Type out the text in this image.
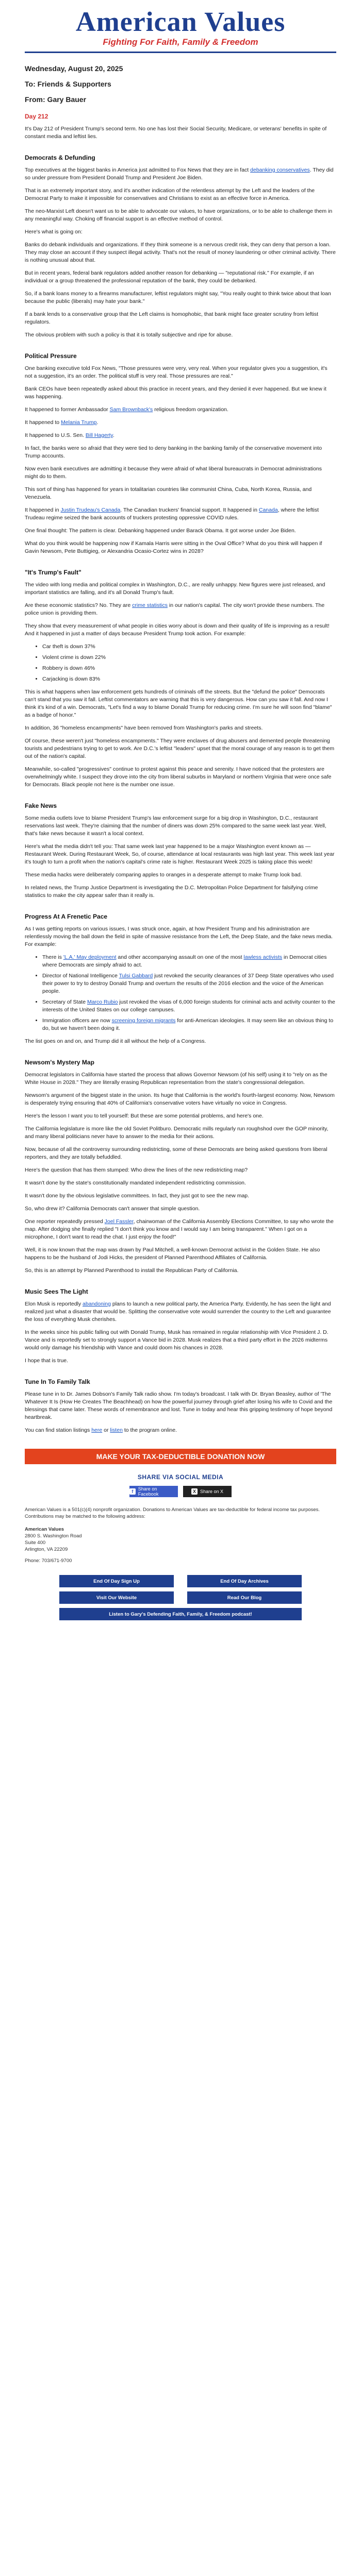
American Values
Fighting For Faith, Family & Freedom
Wednesday, August 20, 2025
To: Friends & Supporters
From: Gary Bauer
Day 212

It's Day 212 of President Trump's second term. No one has lost their Social Security, Medicare, or veterans' benefits in spite of constant media and leftist lies.

Democrats & Defunding

Top executives at the biggest banks in America just admitted to Fox News that they are in fact debanking conservatives. They did so under pressure from President Donald Trump and President Joe Biden.

That is an extremely important story, and it's another indication of the relentless attempt by the Left and the leaders of the Democrat Party to make it impossible for conservatives and Christians to exist as an effective force in America.

The neo-Marxist Left doesn't want us to be able to advocate our values, to have organizations, or to be able to challenge them in any meaningful way. Choking off financial support is an effective method of control.

Here's what is going on:

Banks do debank individuals and organizations. If they think someone is a nervous credit risk, they can deny that person a loan. They may close an account if they suspect illegal activity. That's not the result of money laundering or other criminal activity. There is nothing unusual about that.

But in recent years, federal bank regulators added another reason for debanking — "reputational risk." For example, if an individual or a group threatened the professional reputation of the bank, they could be debanked.

So, if a bank loans money to a firearms manufacturer, leftist regulators might say, "You really ought to think twice about that loan because the public (liberals) may hate your bank."

If a bank lends to a conservative group that the Left claims is homophobic, that bank might face greater scrutiny from leftist regulators.

The obvious problem with such a policy is that it is totally subjective and ripe for abuse.

Political Pressure

One banking executive told Fox News, "Those pressures were very, very real. When your regulator gives you a suggestion, it's not a suggestion, it's an order. The political stuff is very real. Those pressures are real."

Bank CEOs have been repeatedly asked about this practice in recent years, and they denied it ever happened. But we knew it was happening.

It happened to former Ambassador Sam Brownback's religious freedom organization.

It happened to Melania Trump.

It happened to U.S. Sen. Bill Hagerty.

In fact, the banks were so afraid that they were tied to deny banking in the banking family of the conservative movement into Trump accounts.

Now even bank executives are admitting it because they were afraid of what liberal bureaucrats in Democrat administrations might do to them.

This sort of thing has happened for years in totalitarian countries like communist China, Cuba, North Korea, Russia, and Venezuela.

It happened in Justin Trudeau's Canada. The Canadian truckers' financial support. It happened in Canada, where the leftist Trudeau regime seized the bank accounts of truckers protesting oppressive COVID rules.

One final thought: The pattern is clear. Debanking happened under Barack Obama. It got worse under Joe Biden.

What do you think would be happening now if Kamala Harris were sitting in the Oval Office? What do you think will happen if Gavin Newsom, Pete Buttigieg, or Alexandria Ocasio-Cortez wins in 2028?

"It's Trump's Fault"

The video with long media and political complex in Washington, D.C., are really unhappy. New figures were just released, and important statistics are falling, and it's all Donald Trump's fault.

Are these economic statistics? No. They are crime statistics in our nation's capital. The city won't provide these numbers. The police union is providing them.

They show that every measurement of what people in cities worry about is down and their quality of life is improving as a result! And it happened in just a matter of days because President Trump took action. For example:

• Car theft is down 37%
• Violent crime is down 22%
• Robbery is down 46%
• Carjacking is down 83%

This is what happens when law enforcement gets hundreds of criminals off the streets. But the "defund the police" Democrats can't stand that you saw it fall. Leftist commentators are warning that this is very dangerous. How can you saw it fall. And now I think it's kind of a win. Democrats, "Let's find a way to blame Donald Trump for reducing crime. I'm sure he will soon find "blame" as a badge of honor."

In addition, 36 "homeless encampments" have been removed from Washington's parks and streets.

Of course, these weren't just "homeless encampments." They were enclaves of drug abusers and demented people threatening tourists and pedestrians trying to get to work. Are D.C.'s leftist "leaders" upset that the moral courage of any reason is to get them out of the nation's capital.

Meanwhile, so-called "progressives" continue to protest against this peace and serenity. I have noticed that the protesters are overwhelmingly white. I suspect they drove into the city from liberal suburbs in Maryland or northern Virginia that were once safe for Democrats. Black people not here is the number one issue.

Fake News

Some media outlets love to blame President Trump's law enforcement surge for a big drop in Washington, D.C., restaurant reservations last week. They're claiming that the number of diners was down 25% compared to the same week last year. Well, that's fake news because it wasn't a local context.

Here's what the media didn't tell you: That same week last year happened to be a major Washington event known as — Restaurant Week. During Restaurant Week, So, of course, attendance at local restaurants was high last year. This week last year it's tough to turn a profit when the nation's capital's crime rate is higher. Restaurant Week 2025 is taking place this week!

These media hacks were deliberately comparing apples to oranges in a desperate attempt to make Trump look bad.

In related news, the Trump Justice Department is investigating the D.C. Metropolitan Police Department for falsifying crime statistics to make the city appear safer than it really is.

Progress At A Frenetic Pace

As I was getting reports on various issues, I was struck once, again, at how President Trump and his administration are relentlessly moving the ball down the field in spite of massive resistance from the Left, the Deep State, and the fake news media. For example:

• There is 'L.A.' May deployment and other accompanying assault on one of the most lawless activists in Democrat cities where Democrats are simply afraid to act.
• Director of National Intelligence Tulsi Gabbard just revoked the security clearances of 37 Deep State operatives who used their power to try to destroy Donald Trump and overturn the results of the 2016 election and the voice of the American people.
• Secretary of State Marco Rubio just revoked the visas of 6,000 foreign students for criminal acts and activity counter to the interests of the United States on our college campuses.
• Immigration officers are now screening foreign migrants for anti-American ideologies. It may seem like an obvious thing to do, but we haven't been doing it.

The list goes on and on, and Trump did it all without the help of a Congress.

Newsom's Mystery Map

Democrat legislators in California have started the process that allows Governor Newsom (of his self) using it to "rely on as the White House in 2028." They are literally erasing Republican representation from the state's congressional delegation.

Newsom's argument of the biggest state in the union. Its huge that California is the world's fourth-largest economy. Now, Newsom is desperately trying ensuring that 40% of California's conservative voters have virtually no voice in Congress.

Here's the lesson I want you to tell yourself: But these are some potential problems, and here's one.

The California legislature is more like the old Soviet Politburo. Democratic mills regularly run roughshod over the GOP minority, and many liberal politicians never have to answer to the media for their actions.

Now, because of all the controversy surrounding redistricting, some of these Democrats are being asked questions from liberal reporters, and they are totally befuddled.

Here's the question that has them stumped: Who drew the lines of the new redistricting map?

It wasn't done by the state's constitutionally mandated independent redistricting commission.

It wasn't done by the obvious legislative committees. In fact, they just got to see the new map.

So, who drew it? California Democrats can't answer that simple question.

One reporter repeatedly pressed Joel Fassler, chairwoman of the California Assembly Elections Committee, to say who wrote the map. After dodging she finally replied "I don't think you know and I would say I am being transparent." When I got on a microphone, I don't want to read the chat. I just enjoy the food!"

Well, it is now known that the map was drawn by Paul Mitchell, a well-known Democrat activist in the Golden State. He also happens to be the husband of Jodi Hicks, the president of Planned Parenthood Affiliates of California.

So, this is an attempt by Planned Parenthood to install the Republican Party of California.

Music Sees The Light

Elon Musk is reportedly abandoning plans to launch a new political party, the America Party. Evidently, he has seen the light and realized just what a disaster that would be. Splitting the conservative vote would surrender the country to the Left and guarantee the loss of everything Musk cherishes.

In the weeks since his public falling out with Donald Trump, Musk has remained in regular relationship with Vice President J. D. Vance and is reportedly set to strongly support a Vance bid in 2028. Musk realizes that a third party effort in the 2026 midterms would only damage his friendship with Vance and could doom his chances in 2028.

I hope that is true.

Tune In To Family Talk

Please tune in to Dr. James Dobson's Family Talk radio show. I'm today's broadcast. I talk with Dr. Bryan Beasley, author of 'The Whatever It Is (How He Creates The Beachhead) on how the powerful journey through grief after losing his wife to Covid and the blessings that came later. These words of remembrance and lost. Tune in today and hear this gripping testimony of hope beyond heartbreak.

You can find station listings here or listen to the program online.

MAKE YOUR TAX-DEDUCTIBLE DONATION NOW
SHARE VIA SOCIAL MEDIA
f	Share on Facebook	X Share on X
American Values is a 501(c)(4) nonprofit organization. Donations to American Values are tax-deductible for federal income tax purposes. Contributions may be matched to the following address:
American Values
2800 S. Washington Road
Suite 400
Arlington, VA 22209
Phone: 703/671-9700
End Of Day Sign Up	End Of Day Archives
Visit Our Website	Read Our Blog
Listen to Gary's Defending Faith, Family, & Freedom podcast!
